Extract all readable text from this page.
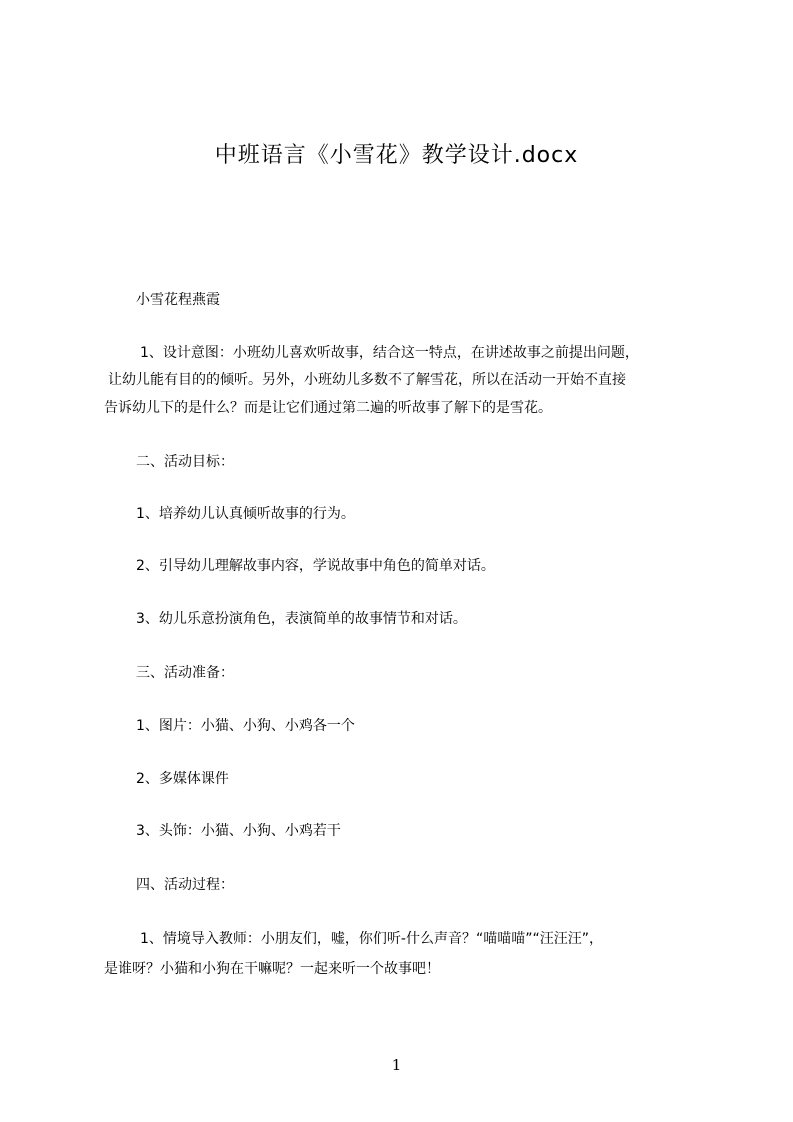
中班语言《小雪花》教学设计.docx
小雪花程燕霞
1、设计意图：小班幼儿喜欢听故事，结合这一特点，在讲述故事之前提出问题，
让幼儿能有目的的倾听。另外，小班幼儿多数不了解雪花，所以在活动一开始不直接
告诉幼儿下的是什么？而是让它们通过第二遍的听故事了解下的是雪花。
二、活动目标：
1、培养幼儿认真倾听故事的行为。
2、引导幼儿理解故事内容，学说故事中角色的简单对话。
3、幼儿乐意扮演角色，表演简单的故事情节和对话。
三、活动准备：
1、图片：小猫、小狗、小鸡各一个
2、多媒体课件
3、头饰：小猫、小狗、小鸡若干
四、活动过程：
1、情境导入教师：小朋友们，嘘，你们听-什么声音？“喵喵喵”“汪汪汪”，
是谁呀？小猫和小狗在干嘛呢？一起来听一个故事吧！
1
